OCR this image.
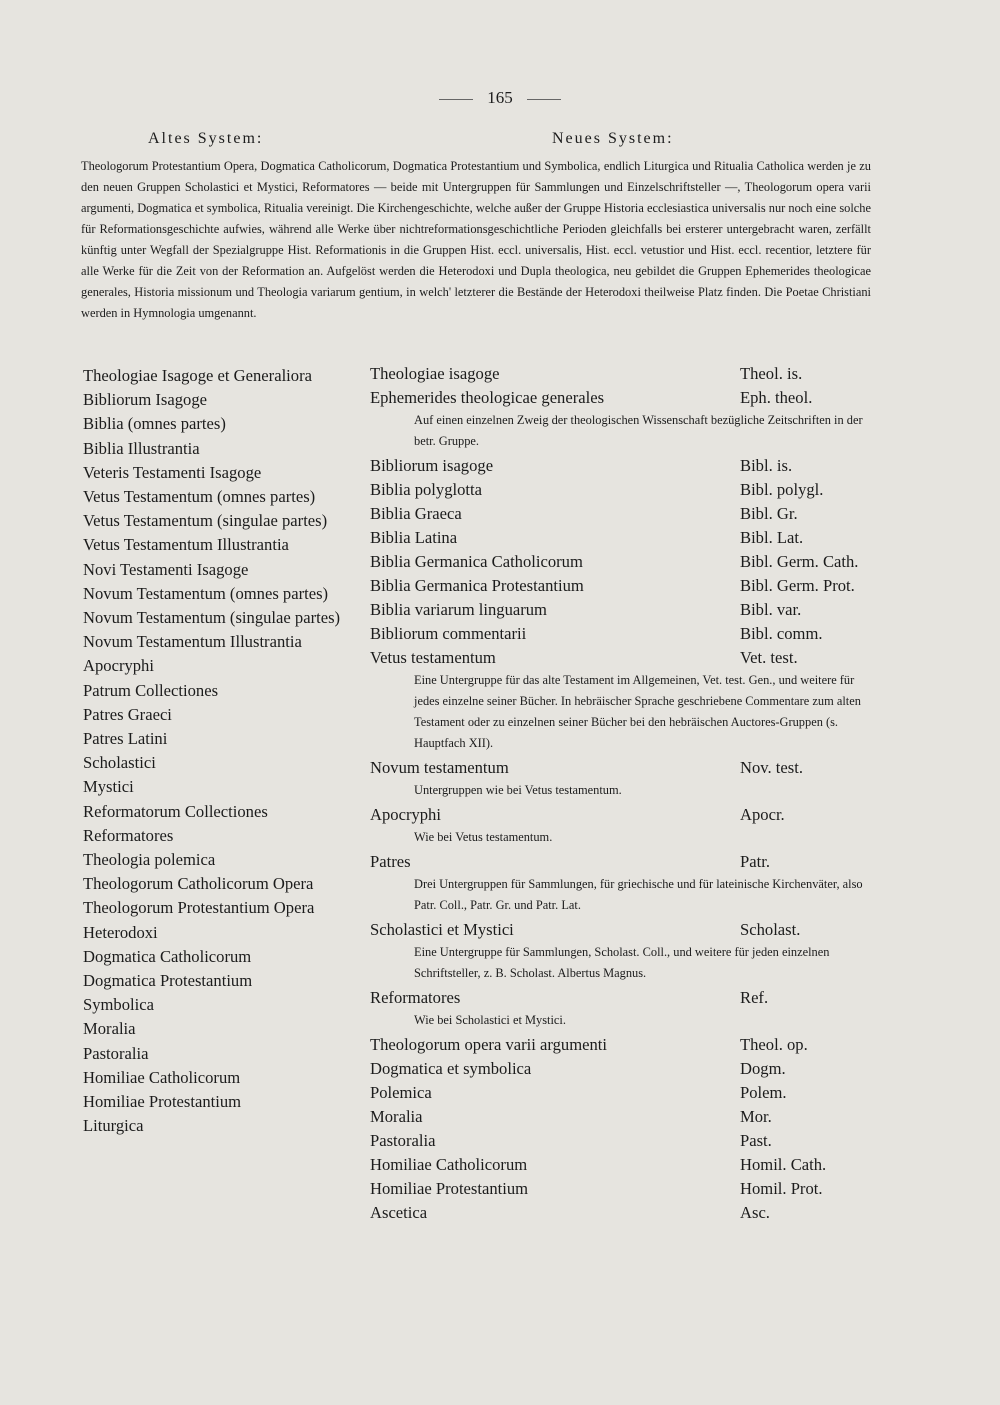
165
Altes System:	Neues System:
Theologorum Protestantium Opera, Dogmatica Catholicorum, Dogmatica Protestantium und Symbolica, endlich Liturgica und Ritualia Catholica werden je zu den neuen Gruppen Scholastici et Mystici, Reformatores — beide mit Untergruppen für Sammlungen und Einzelschriftsteller —, Theologorum opera varii argumenti, Dogmatica et symbolica, Ritualia vereinigt. Die Kirchengeschichte, welche außer der Gruppe Historia ecclesiastica universalis nur noch eine solche für Reformationsgeschichte aufwies, während alle Werke über nichtreformationsgeschichtliche Perioden gleichfalls bei ersterer untergebracht waren, zerfällt künftig unter Wegfall der Spezialgruppe Hist. Reformationis in die Gruppen Hist. eccl. universalis, Hist. eccl. vetustior und Hist. eccl. recentior, letztere für alle Werke für die Zeit von der Reformation an. Aufgelöst werden die Heterodoxi und Dupla theologica, neu gebildet die Gruppen Ephemerides theologicae generales, Historia missionum und Theologia variarum gentium, in welch' letzterer die Bestände der Heterodoxi theilweise Platz finden. Die Poetae Christiani werden in Hymnologia umgenannt.
Theologiae Isagoge et Generaliora
Bibliorum Isagoge
Biblia (omnes partes)
Biblia Illustrantia
Veteris Testamenti Isagoge
Vetus Testamentum (omnes partes)
Vetus Testamentum (singulae partes)
Vetus Testamentum Illustrantia
Novi Testamenti Isagoge
Novum Testamentum (omnes partes)
Novum Testamentum (singulae partes)
Novum Testamentum Illustrantia
Apocryphi
Patrum Collectiones
Patres Graeci
Patres Latini
Scholastici
Mystici
Reformatorum Collectiones
Reformatores
Theologia polemica
Theologorum Catholicorum Opera
Theologorum Protestantium Opera
Heterodoxi
Dogmatica Catholicorum
Dogmatica Protestantium
Symbolica
Moralia
Pastoralia
Homiliae Catholicorum
Homiliae Protestantium
Liturgica
Theologiae isagoge	Theol. is.
Ephemerides theologicae generales	Eph. theol.
Auf einen einzelnen Zweig der theologischen Wissenschaft bezügliche Zeitschriften in der betr. Gruppe.
Bibliorum isagoge	Bibl. is.
Biblia polyglotta	Bibl. polygl.
Biblia Graeca	Bibl. Gr.
Biblia Latina	Bibl. Lat.
Biblia Germanica Catholicorum	Bibl. Germ. Cath.
Biblia Germanica Protestantium	Bibl. Germ. Prot.
Biblia variarum linguarum	Bibl. var.
Bibliorum commentarii	Bibl. comm.
Vetus testamentum	Vet. test.
Eine Untergruppe für das alte Testament im Allgemeinen, Vet. test. Gen., und weitere für jedes einzelne seiner Bücher. In hebräischer Sprache geschriebene Commentare zum alten Testament oder zu einzelnen seiner Bücher bei den hebräischen Auctores-Gruppen (s. Hauptfach XII).
Novum testamentum	Nov. test.
Untergruppen wie bei Vetus testamentum.
Apocryphi	Apocr.
Wie bei Vetus testamentum.
Patres	Patr.
Drei Untergruppen für Sammlungen, für griechische und für lateinische Kirchenväter, also Patr. Coll., Patr. Gr. und Patr. Lat.
Scholastici et Mystici	Scholast.
Eine Untergruppe für Sammlungen, Scholast. Coll., und weitere für jeden einzelnen Schriftsteller, z. B. Scholast. Albertus Magnus.
Reformatores	Ref.
Wie bei Scholastici et Mystici.
Theologorum opera varii argumenti	Theol. op.
Dogmatica et symbolica	Dogm.
Polemica	Polem.
Moralia	Mor.
Pastoralia	Past.
Homiliae Catholicorum	Homil. Cath.
Homiliae Protestantium	Homil. Prot.
Ascetica	Asc.
